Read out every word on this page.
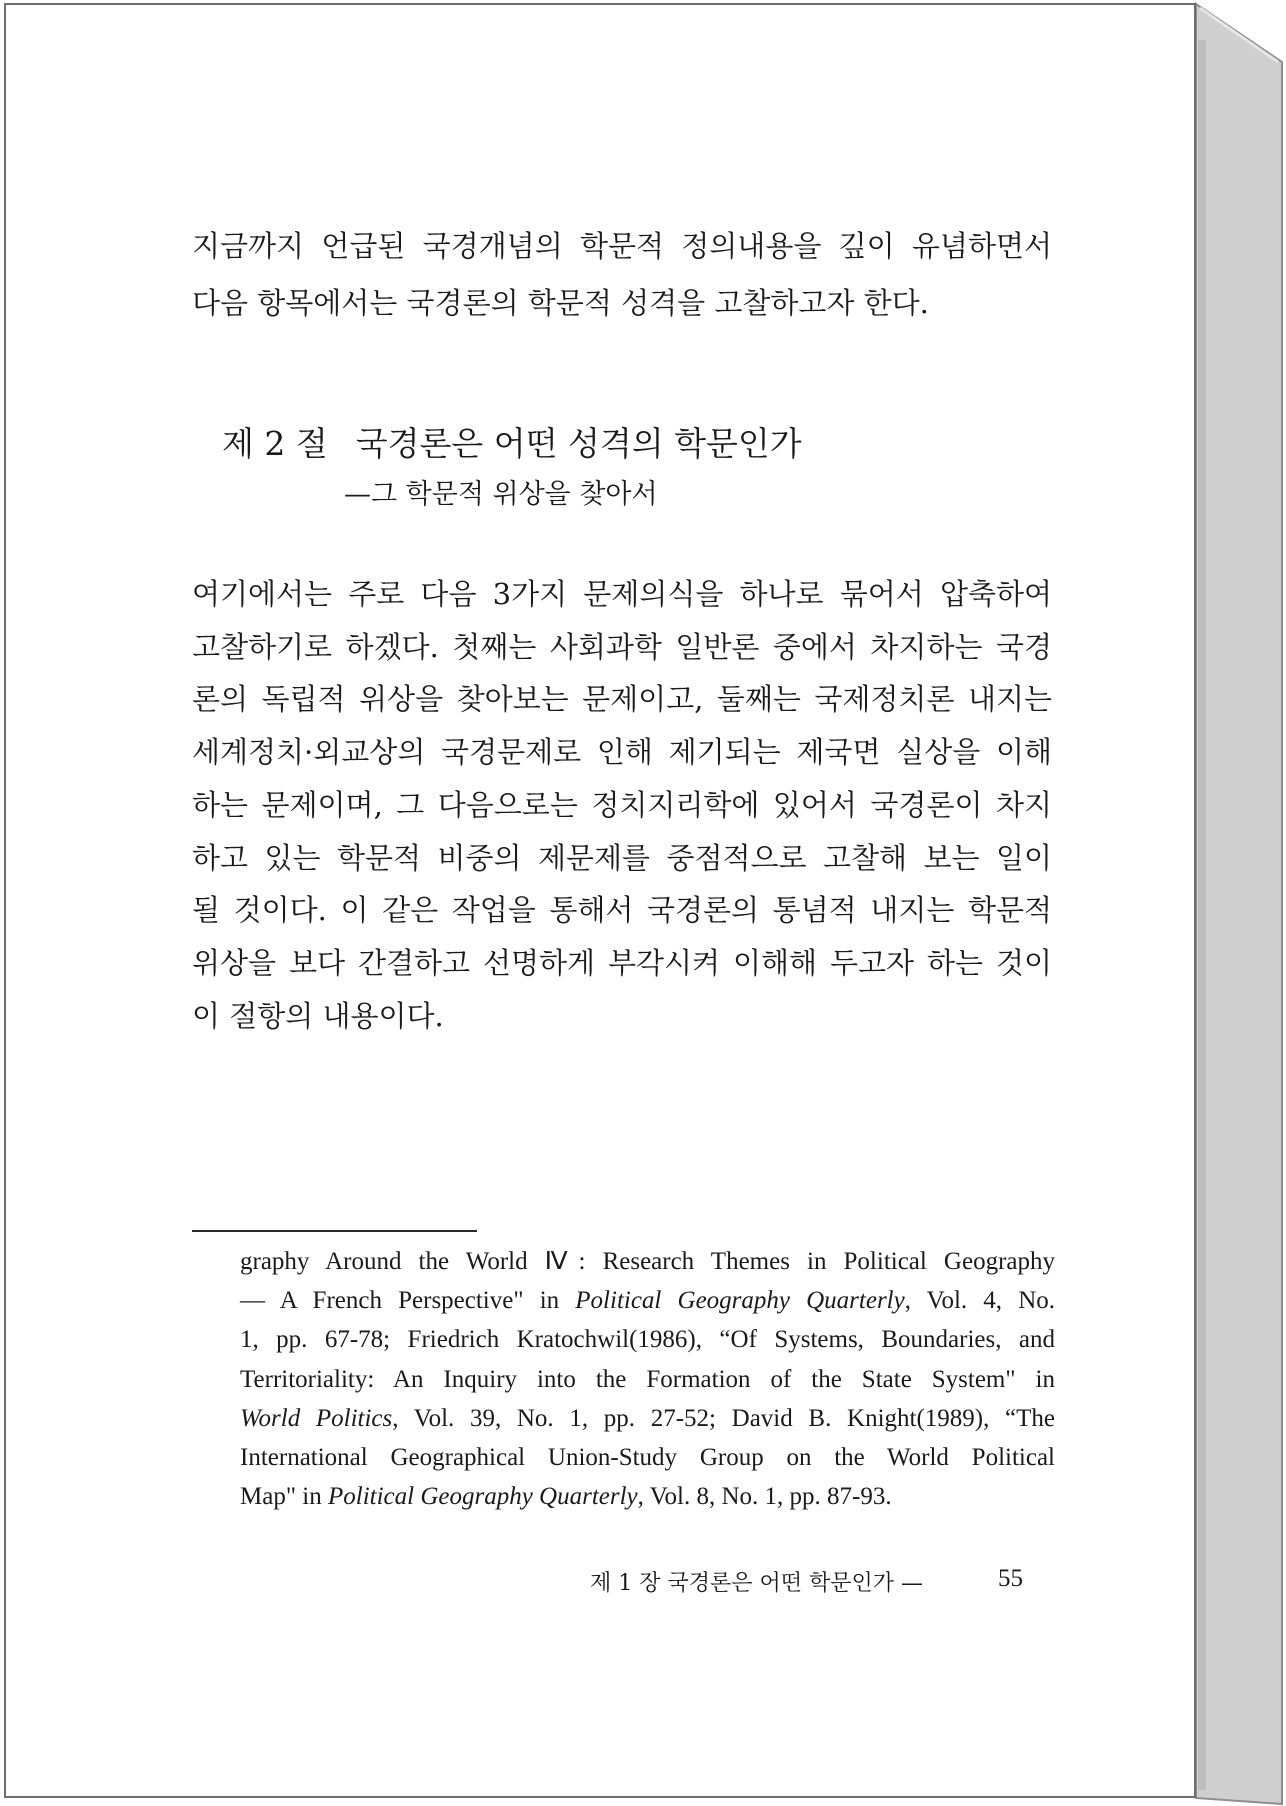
지금까지 언급된 국경개념의 학문적 정의내용을 깊이 유념하면서
다음 항목에서는 국경론의 학문적 성격을 고찰하고자 한다.
제 2 절 국경론은 어떤 성격의 학문인가
—그 학문적 위상을 찾아서
여기에서는 주로 다음 3가지 문제의식을 하나로 묶어서 압축하여
고찰하기로 하겠다. 첫째는 사회과학 일반론 중에서 차지하는 국경
론의 독립적 위상을 찾아보는 문제이고, 둘째는 국제정치론 내지는
세계정치·외교상의 국경문제로 인해 제기되는 제국면 실상을 이해
하는 문제이며, 그 다음으로는 정치지리학에 있어서 국경론이 차지
하고 있는 학문적 비중의 제문제를 중점적으로 고찰해 보는 일이
될 것이다. 이 같은 작업을 통해서 국경론의 통념적 내지는 학문적
위상을 보다 간결하고 선명하게 부각시켜 이해해 두고자 하는 것이
이 절항의 내용이다.
graphy Around the World Ⅳ: Research Themes in Political Geography
— A French Perspective" in Political Geography Quarterly, Vol. 4, No.
1, pp. 67-78; Friedrich Kratochwil(1986), “Of Systems, Boundaries, and
Territoriality: An Inquiry into the Formation of the State System" in
World Politics, Vol. 39, No. 1, pp. 27-52; David B. Knight(1989), “The
International Geographical Union-Study Group on the World Political
Map" in Political Geography Quarterly, Vol. 8, No. 1, pp. 87-93.
제 1 장 국경론은 어떤 학문인가 —	55
